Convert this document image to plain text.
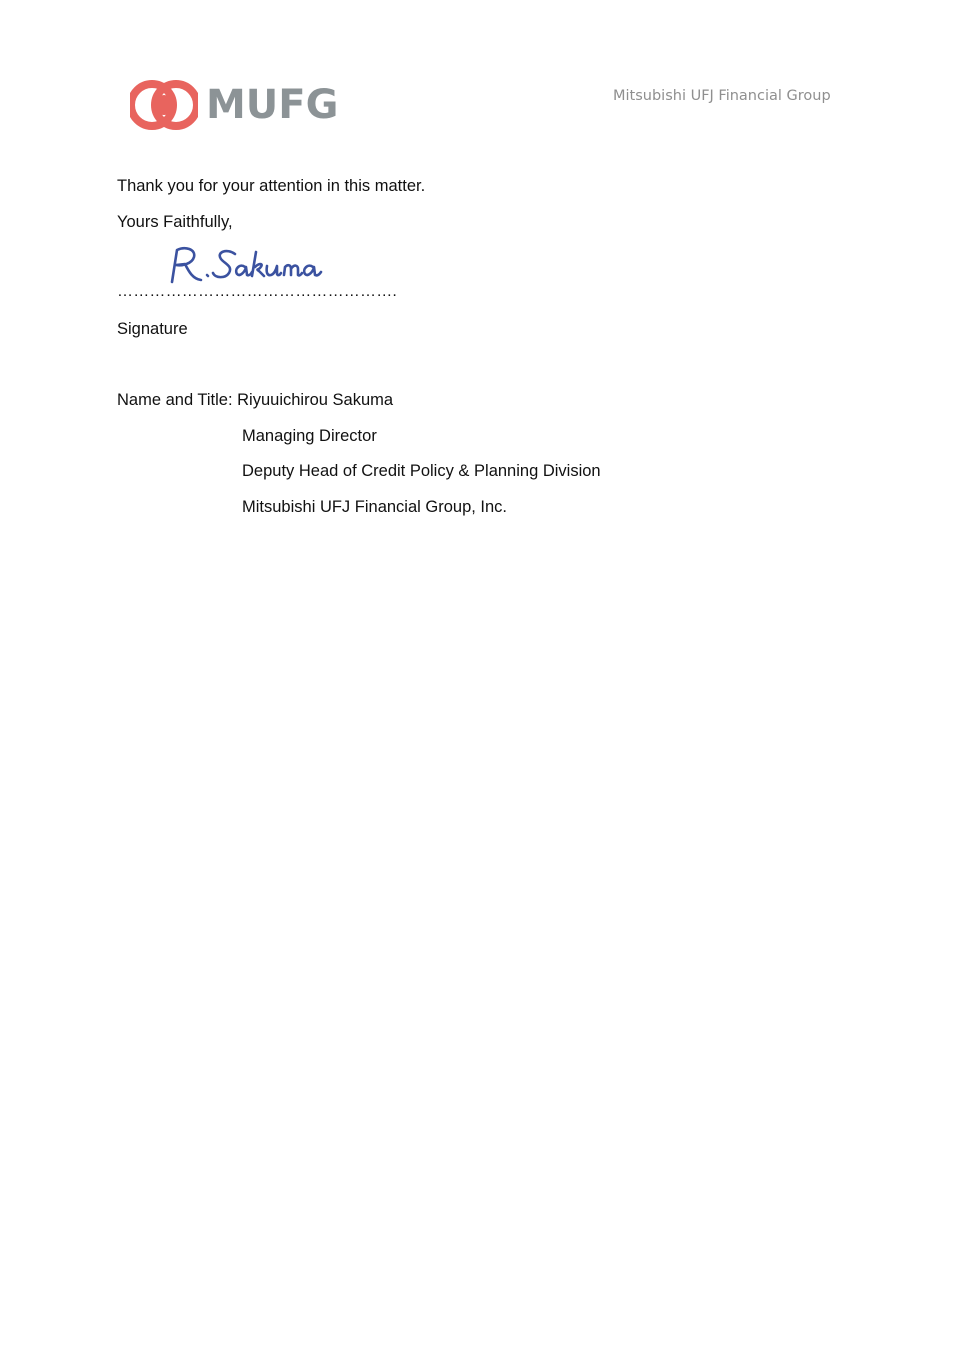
MUFG	Mitsubishi UFJ Financial Group
Thank you for your attention in this matter.
Yours Faithfully,
…………………………………………….
Signature
Name and Title: Riyuuichirou Sakuma
Managing Director
Deputy Head of Credit Policy & Planning Division
Mitsubishi UFJ Financial Group, Inc.
